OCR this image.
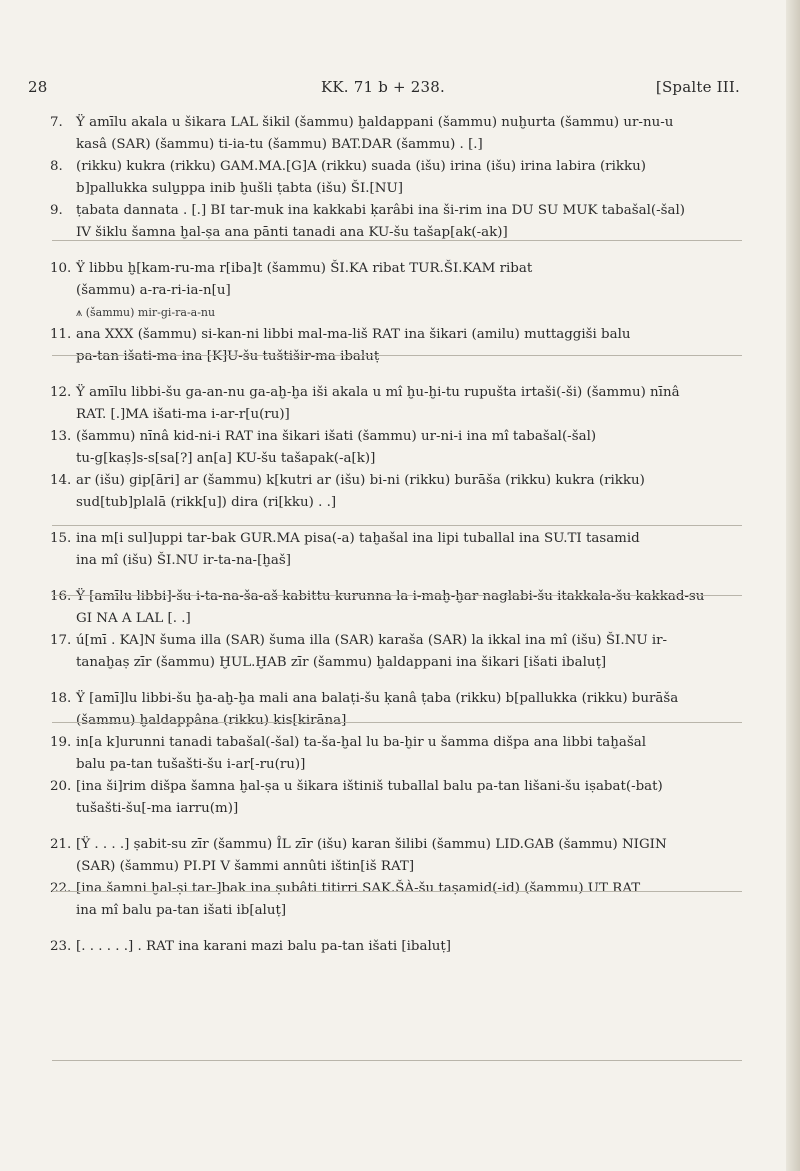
28	KK. 71 b + 238.	[Spalte III.
7. Ÿ amīlu akala u šikara LAL šikil (šammu) ḫaldappani (šammu) nuḫurta (šammu) ur-nu-u
kasâ (SAR) (šammu) ti-ia-tu (šammu) BAT.DAR (šammu) . [.]
8. (rikku) kukra (rikku) GAM.MA.[G]A (rikku) suada (išu) irina (išu) irina labira (rikku)
b]pallukka sulu̱ppa inib ḫušli ṭabta (išu) ŠI.[NU]
9. ṭabata dannata . [.] BI tar-muk ina kakkabi ḳarâbi ina ši-rim ina DU SU MUK tabašal(-šal)
IV šiklu šamna ḫal-ṣa ana pānti tanadi ana KU-šu tašap[ak(-ak)]
10. Ÿ libbu ḫ[kam-ru-ma r[iba]t (šammu) ŠI.KA ribat TUR.ŠI.KAM ribat
(šammu) a-ra-ri-ia-n[u]
⩚ (šammu) mir-gi-ra-a-nu
11. ana XXX (šammu) si-kan-ni libbi mal-ma-liš RAT ina šikari (amilu) muttaggiši balu
pa-tan išati-ma ina [K]U-šu tuštišir-ma ibaluṭ
12. Ÿ amīlu libbi-šu ga-an-nu ga-aḫ-ḫa iši akala u mî ḫu-ḫi-tu rupušta irtaši(-ši) (šammu) nīnâ
RAT. [.]MA išati-ma i-ar-r[u(ru)]
13. (šammu) nīnâ kid-ni-i RAT ina šikari išati (šammu) ur-ni-i ina mî tabašal(-šal)
tu-g[kaṣ]s-s[sa[?] an[a] KU-šu tašapak(-a[k)]
14. ar (išu) gip[āri] ar (šammu) k[kutri ar (išu) bi-ni (rikku) burāša (rikku) kukra (rikku)
sud[tub]plalā (rikk[u]) dira (ri[kku) . .]
15. ina m[i sul]uppi tar-bak GUR.MA pisa(-a) taḫašal ina lipi tuballal ina SU.TI tasamid
ina mî (išu) ŠI.NU ir-ta-na-[ḫaš]
16. Ÿ [amīlu libbi]-šu i-ta-na-ša-aš kabittu kurunna la i-maḫ-ḫar naglabi-šu itakkala-šu kakkad-su
GI NA A LAL [. .]
17. ú[mī . KA]N šuma illa (SAR) šuma illa (SAR) karaša (SAR) la ikkal ina mî (išu) ŠI.NU ir-
tanaḫaṣ zīr (šammu) ḪUL.ḪAB zīr (šammu) ḫaldappani ina šikari [išati ibaluṭ]
18. Ÿ [amī]lu libbi-šu ḫa-aḫ-ḫa mali ana balaṭi-šu ḳanâ ṭaba (rikku) b[pallukka (rikku) burāša
(šammu) ḫaldappâna (rikku) kis[kirāna]
19. in[a k]urunni tanadi tabašal(-šal) ta-ša-ḫal lu ba-ḫir u šamma dišpa ana libbi taḫašal
balu pa-tan tušašti-šu i-ar[-ru(ru)]
20. [ina ši]rim dišpa šamna ḫal-ṣa u šikara ištiniš tuballal balu pa-tan lišani-šu iṣabat(-bat)
tušašti-šu[-ma iarru(m)]
21. [Ÿ . . . .] ṣabit-su zīr (šammu) ÎL zīr (išu) karan šilibi (šammu) LID.GAB (šammu) NIGIN
(SAR) (šammu) PI.PI V šammi annûti ištin[iš RAT]
22. [ina šamni ḫal-ṣi tar-]bak ina ṣubâti titirri SAK.ŠÀ-šu taṣamid(-id) (šammu) UT RAT
ina mî balu pa-tan išati ib[aluṭ]
23. [. . . . . .] . RAT ina karani mazi balu pa-tan išati [ibaluṭ]
